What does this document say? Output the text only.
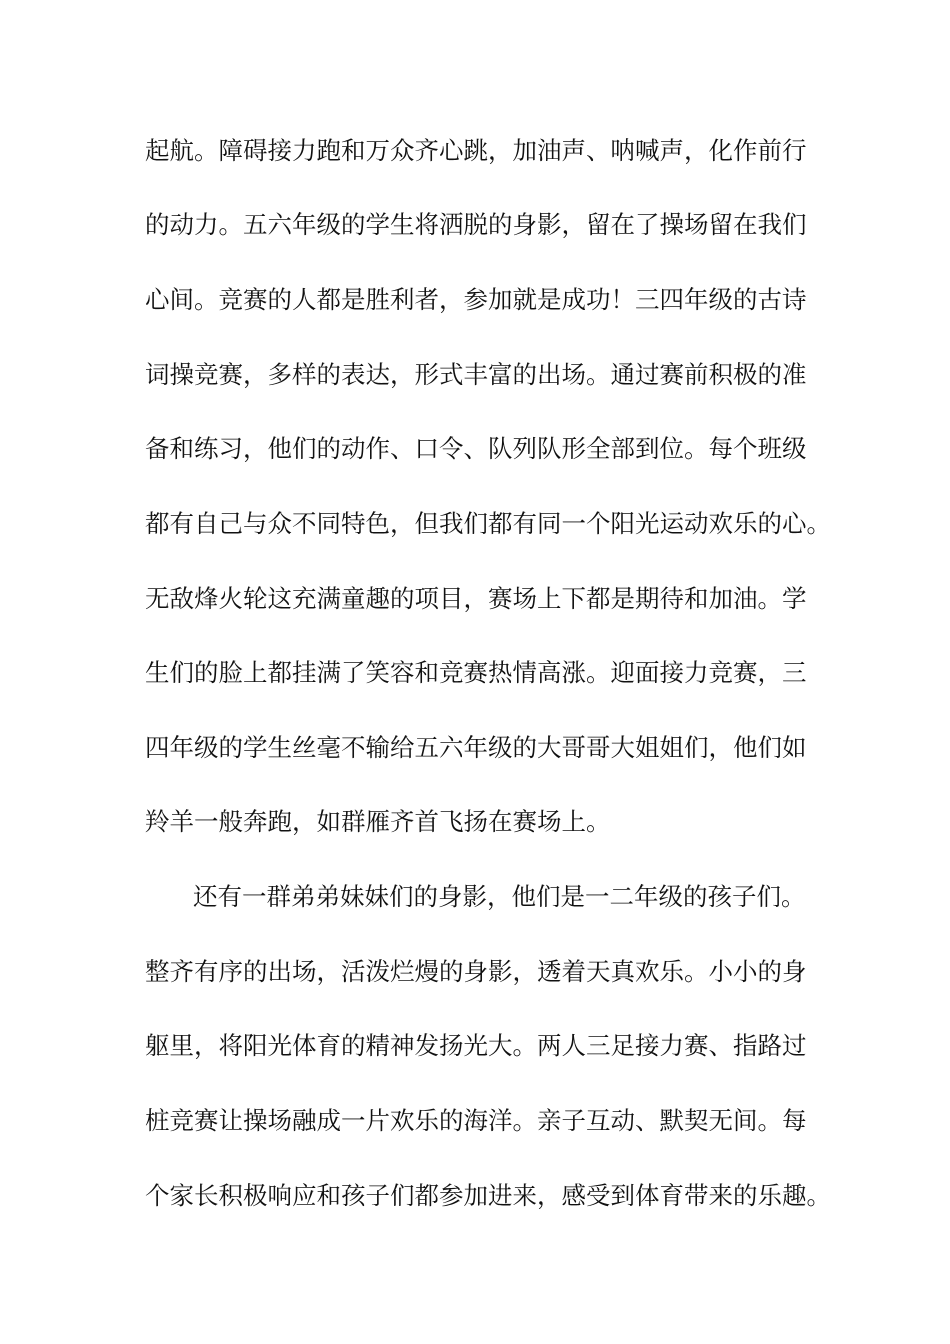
起航。障碍接力跑和万众齐心跳，加油声、呐喊声，化作前行
的动力。五六年级的学生将洒脱的身影，留在了操场留在我们
心间。竞赛的人都是胜利者，参加就是成功！三四年级的古诗
词操竞赛，多样的表达，形式丰富的出场。通过赛前积极的准
备和练习，他们的动作、口令、队列队形全部到位。每个班级
都有自己与众不同特色，但我们都有同一个阳光运动欢乐的心。
无敌烽火轮这充满童趣的项目，赛场上下都是期待和加油。学
生们的脸上都挂满了笑容和竞赛热情高涨。迎面接力竞赛，三
四年级的学生丝毫不输给五六年级的大哥哥大姐姐们，他们如
羚羊一般奔跑，如群雁齐首飞扬在赛场上。
还有一群弟弟妹妹们的身影，他们是一二年级的孩子们。
整齐有序的出场，活泼烂熳的身影，透着天真欢乐。小小的身
躯里，将阳光体育的精神发扬光大。两人三足接力赛、指路过
桩竞赛让操场融成一片欢乐的海洋。亲子互动、默契无间。每
个家长积极响应和孩子们都参加进来，感受到体育带来的乐趣。
